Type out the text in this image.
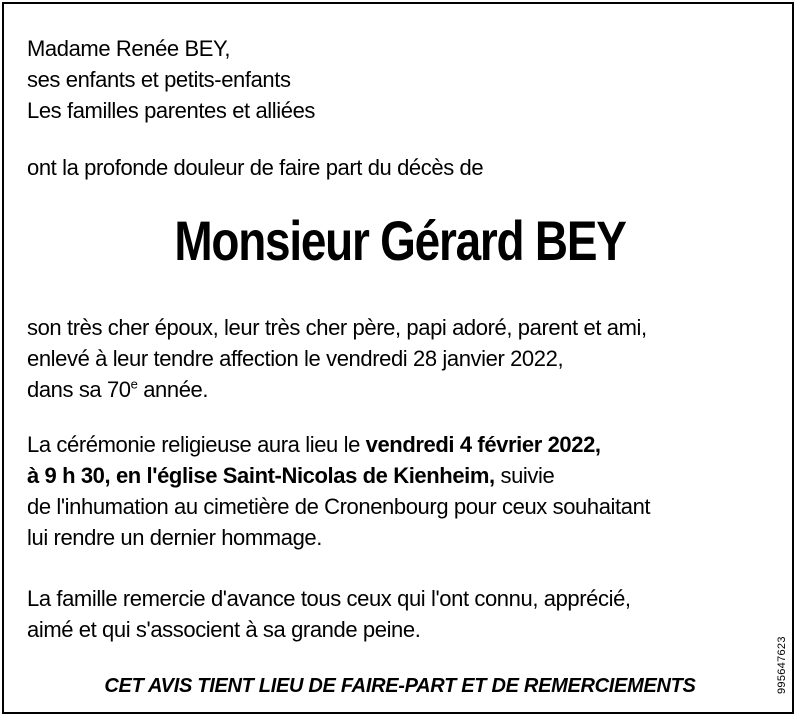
Madame Renée BEY,
ses enfants et petits-enfants
Les familles parentes et alliées
ont la profonde douleur de faire part du décès de
Monsieur Gérard BEY
son très cher époux, leur très cher père, papi adoré, parent et ami,
enlevé à leur tendre affection le vendredi 28 janvier 2022,
dans sa 70e année.
La cérémonie religieuse aura lieu le vendredi 4 février 2022,
à 9 h 30, en l'église Saint-Nicolas de Kienheim, suivie
de l'inhumation au cimetière de Cronenbourg pour ceux souhaitant
lui rendre un dernier hommage.
La famille remercie d'avance tous ceux qui l'ont connu, apprécié,
aimé et qui s'associent à sa grande peine.
CET AVIS TIENT LIEU DE FAIRE-PART ET DE REMERCIEMENTS	995647623
